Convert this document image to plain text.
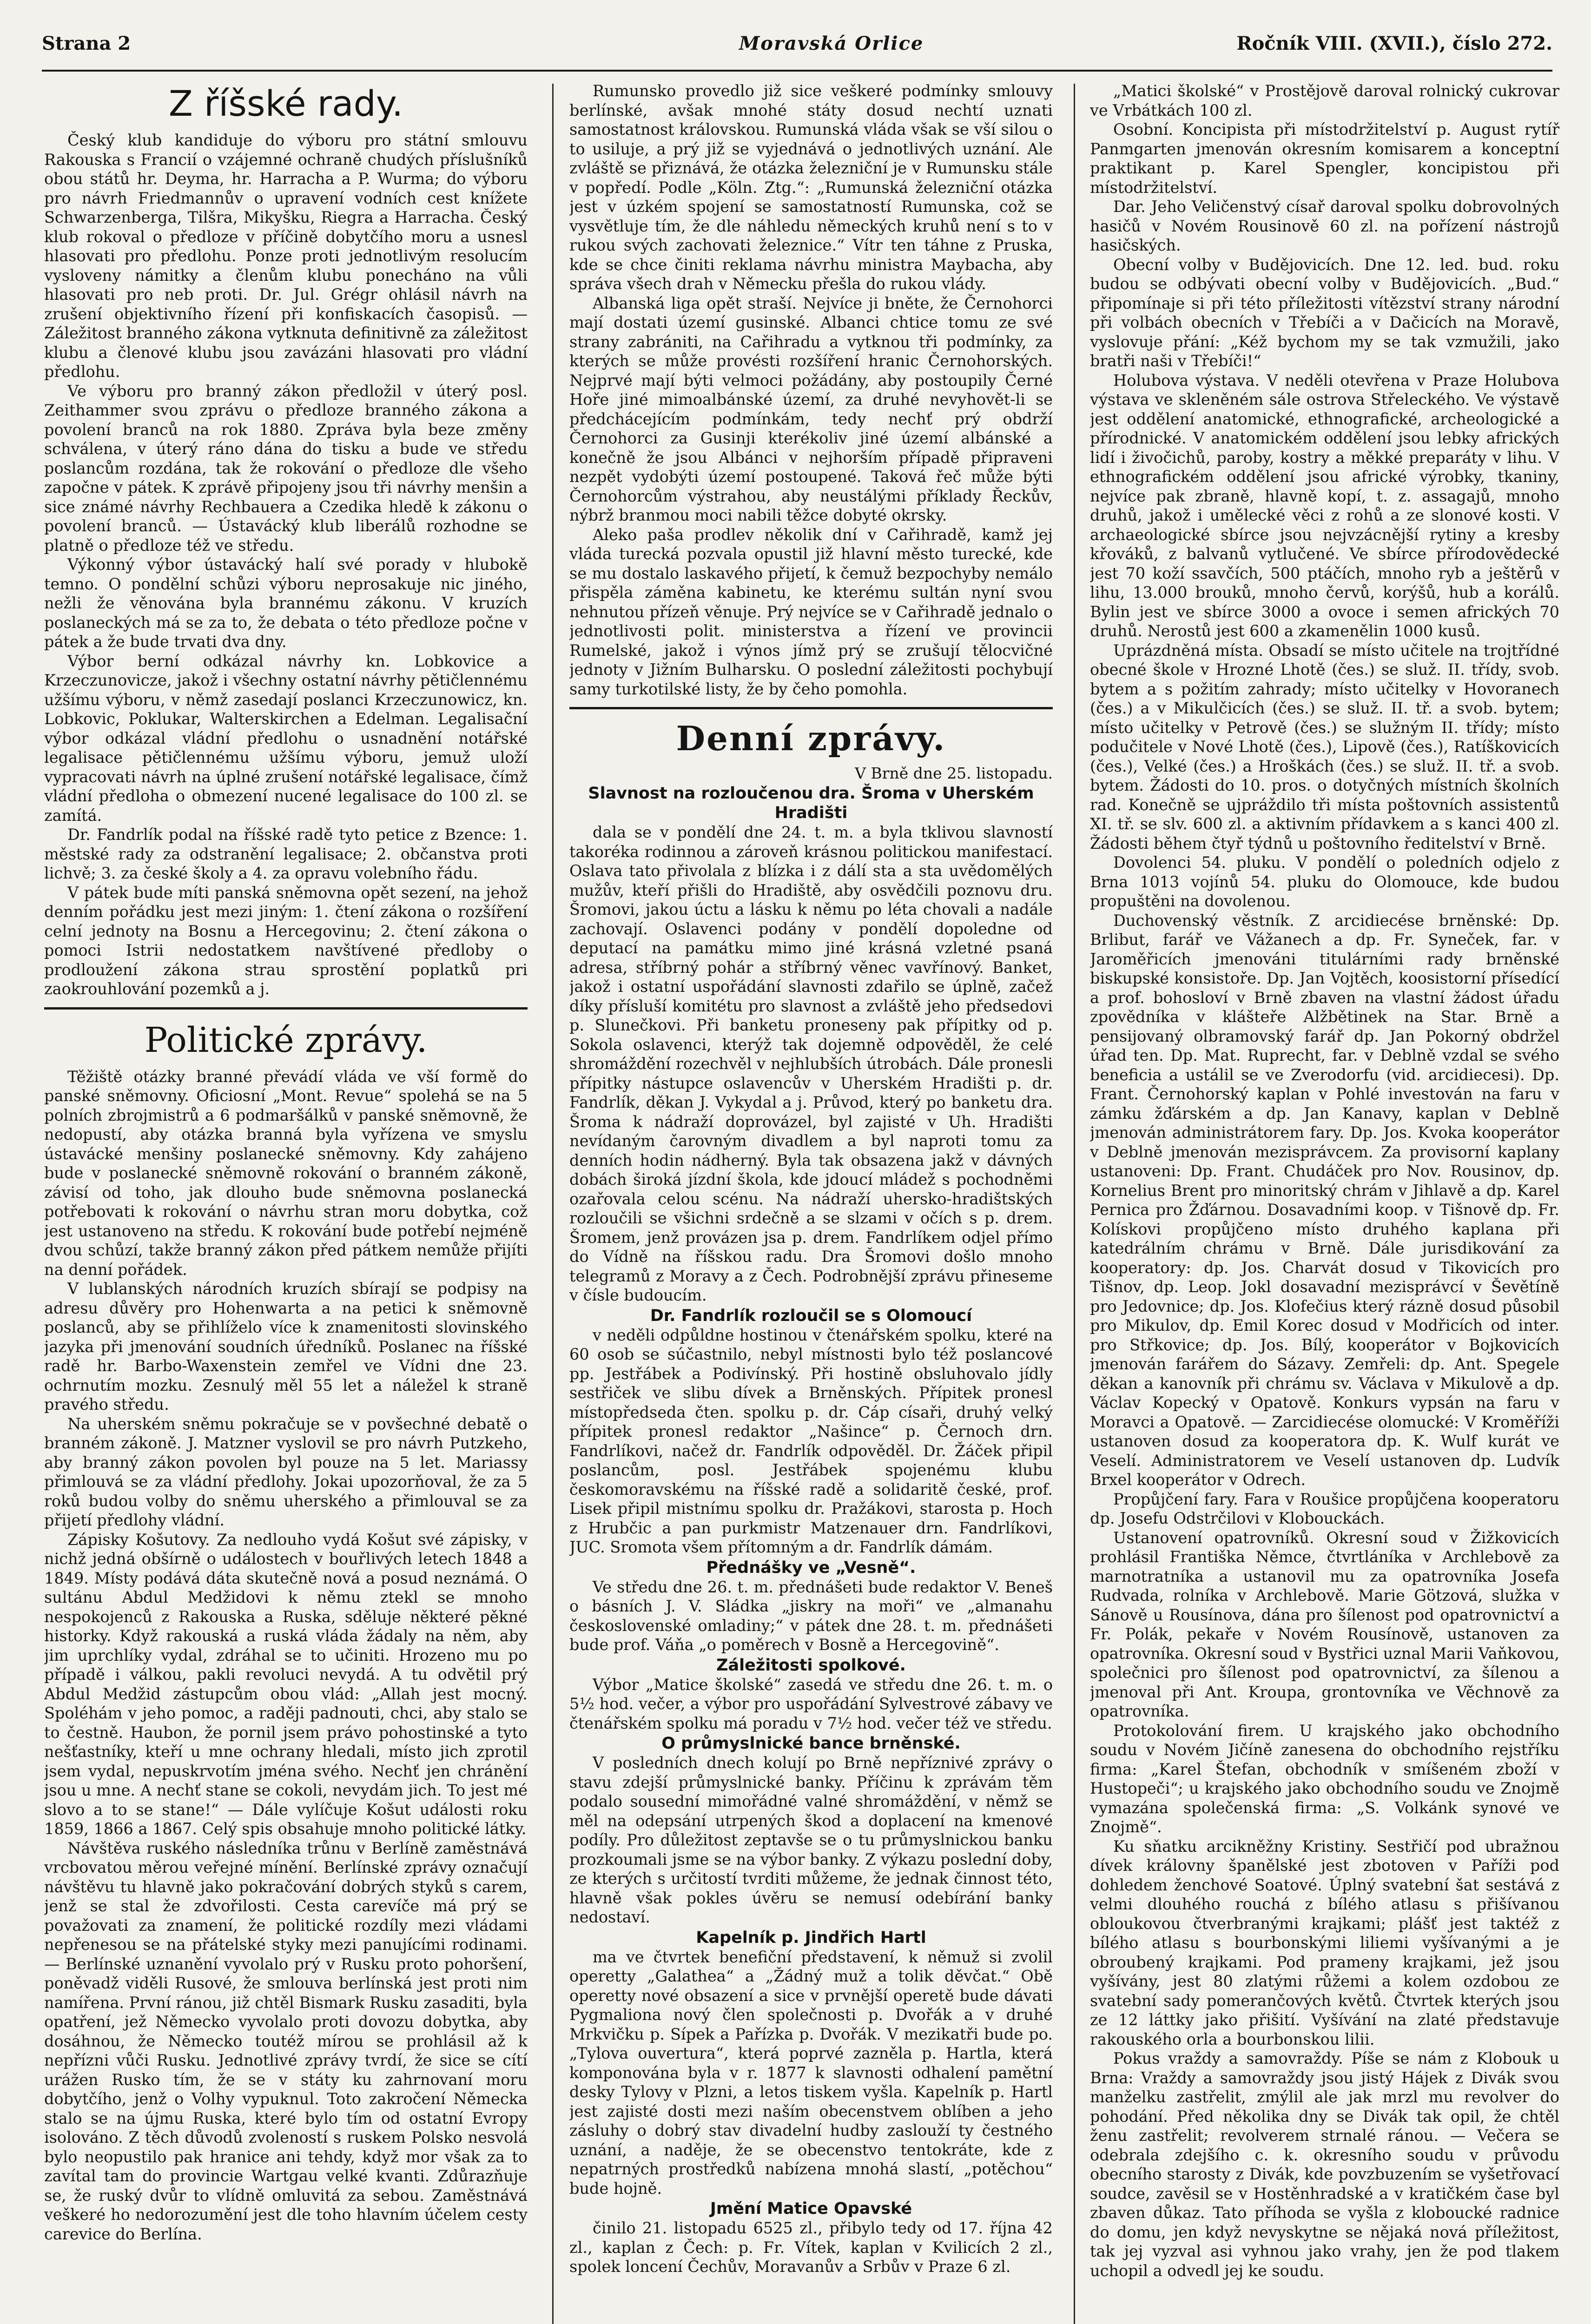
Strana 2	Moravská Orlice	Ročník VIII. (XVII.), číslo 272.
Z říšské rady.

Český klub kandiduje do výboru pro státní smlouvu Rakouska s Francií o vzájemné ochraně chudých příslušníků obou států hr. Deyma, hr. Harracha a P. Wurma; do výboru pro návrh Friedmannův o upravení vodních cest knížete Schwarzenberga, Tilšra, Mikyšku, Riegra a Harracha. Český klub rokoval o předloze v příčině dobytčího moru a usnesl hlasovati pro předlohu. Ponze proti jednotlivým resolucím vysloveny námitky a členům klubu ponecháno na vůli hlasovati pro neb proti. Dr. Jul. Grégr ohlásil návrh na zrušení objektivního řízení při konfiskacích časopisů. — Záležitost branného zákona vytknuta definitivně za záležitost klubu a členové klubu jsou zavázáni hlasovati pro vládní předlohu.

Ve výboru pro branný zákon předložil v úterý posl. Zeithammer svou zprávu o předloze branného zákona a povolení branců na rok 1880. Zpráva byla beze změny schválena, v úterý ráno dána do tisku a bude ve středu poslancům rozdána, tak že rokování o předloze dle všeho započne v pátek. K zprávě připojeny jsou tři návrhy menšin a sice známé návrhy Rechbauera a Czedika hledě k zákonu o povolení branců. — Ústavácký klub liberálů rozhodne se platně o předloze též ve středu.

Výkonný výbor ústavácký halí své porady v hlubokě temno. O pondělní schůzi výboru neprosakuje nic jiného, nežli že věnována byla brannému zákonu. V kruzích poslaneckých má se za to, že debata o této předloze počne v pátek a že bude trvati dva dny.

Výbor berní odkázal návrhy kn. Lobkovice a Krzeczunovicze, jakož i všechny ostatní návrhy pětičlennému užšímu výboru, v němž zasedají poslanci Krzeczunowicz, kn. Lobkovic, Poklukar, Walterskirchen a Edelman. Legalisační výbor odkázal vládní předlohu o usnadnění notářské legalisace pětičlennému užšímu výboru, jemuž uloží vypracovati návrh na úplné zrušení notářské legalisace, čímž vládní předloha o obmezení nucené legalisace do 100 zl. se zamítá.

Dr. Fandrlík podal na říšské radě tyto petice z Bzence: 1. městské rady za odstranění legalisace; 2. občanstva proti lichvě; 3. za české školy a 4. za opravu volebního řádu.

V pátek bude míti panská sněmovna opět sezení, na jehož denním pořádku jest mezi jiným: 1. čtení zákona o rozšíření celní jednoty na Bosnu a Hercegovinu; 2. čtení zákona o pomoci Istrii nedostatkem navštívené předloby o prodloužení zákona strau sprostění poplatků pri zaokrouhlování pozemků a j.

Politické zprávy.

Těžiště otázky branné převádí vláda ve vší formě do panské sněmovny. Oficiosní „Mont. Revue“ spolehá se na 5 polních zbrojmistrů a 6 podmaršálků v panské sněmovně, že nedopustí, aby otázka branná byla vyřízena ve smyslu ústavácké menšiny poslanecké sněmovny. Kdy zahájeno bude v poslanecké sněmovně rokování o branném zákoně, závisí od toho, jak dlouho bude sněmovna poslanecká potřebovati k rokování o návrhu stran moru dobytka, což jest ustanoveno na středu. K rokování bude potřebí nejméně dvou schůzí, takže branný zákon před pátkem nemůže přijíti na denní pořádek.

V lublanských národních kruzích sbírají se podpisy na adresu důvěry pro Hohenwarta a na petici k sněmovně poslanců, aby se přihlíželo více k znamenitosti slovinského jazyka při jmenování soudních úředníků. Poslanec na říšské radě hr. Barbo-Waxenstein zemřel ve Vídni dne 23. ochrnutím mozku. Zesnulý měl 55 let a náležel k straně pravého středu.

Na uherském sněmu pokračuje se v povšechné debatě o branném zákoně. J. Matzner vyslovil se pro návrh Putzkeho, aby branný zákon povolen byl pouze na 5 let. Mariassy přimlouvá se za vládní předlohy. Jokai upozorňoval, že za 5 roků budou volby do sněmu uherského a přimlouval se za přijetí předlohy vládní.

Zápisky Košutovy. Za nedlouho vydá Košut své zápisky, v nichž jedná obšírně o událostech v bouřlivých letech 1848 a 1849. Místy podává dáta skutečně nová a posud neznámá. O sultánu Abdul Medžidovi k němu ztekl se mnoho nespokojenců z Rakouska a Ruska, sděluje některé pěkné historky. Když rakouská a ruská vláda žádaly na něm, aby jim uprchlíky vydal, zdráhal se to učiniti. Hrozeno mu po případě i válkou, pakli revoluci nevydá. A tu odvětil prý Abdul Medžid zástupcům obou vlád: „Allah jest mocný. Spoléhám v jeho pomoc, a raději padnouti, chci, aby stalo se to čestně. Haubon, že pornil jsem právo pohostinské a tyto nešťastníky, kteří u mne ochrany hledali, místo jich zprotil jsem vydal, nepuskrvotím jména svého. Nechť jen chránění jsou u mne. A nechť stane se cokoli, nevydám jich. To jest mé slovo a to se stane!“ — Dále vylíčuje Košut události roku 1859, 1866 a 1867. Celý spis obsahuje mnoho politické látky.

Návštěva ruského následníka trůnu v Berlíně zaměstnává vrcbovatou měrou veřejné mínění. Berlínské zprávy označují návštěvu tu hlavně jako pokračování dobrých styků s carem, jenž se stal že zdvořilosti. Cesta carevíče má prý se považovati za znamení, že politické rozdíly mezi vládami nepřenesou se na přátelské styky mezi panujícími rodinami. — Berlínské uznanění vyvolalo prý v Rusku proto pohoršení, poněvadž viděli Rusové, že smlouva berlínská jest proti nim namířena. První ránou, již chtěl Bismark Rusku zasaditi, byla opatření, jež Německo vyvolalo proti dovozu dobytka, aby dosáhnou, že Německo toutéž mírou se prohlásil až k nepřízni vůči Rusku. Jednotlivé zprávy tvrdí, že sice se cítí urážen Rusko tím, že se v státy ku zahrnovaní moru dobytčího, jenž o Volhy vypuknul. Toto zakročení Německa stalo se na újmu Ruska, které bylo tím od ostatní Evropy isolováno. Z těch důvodů zvoleností s ruskem Polsko nesvolá bylo neopustilo pak hranice ani tehdy, když mor však za to zavítal tam do provincie Wartgau velké kvanti. Zdůrazňuje se, že ruský dvůr to vlídně omluvitá za sebou. Zaměstnává veškeré ho nedorozumění jest dle toho hlavním účelem cesty carevice do Berlína.

Rumunsko provedlo již sice veškeré podmínky smlouvy berlínské, avšak mnohé státy dosud nechtí uznati samostatnost královskou. Rumunská vláda však se vší silou o to usiluje, a prý již se vyjednává o jednotlivých uznání. Ale zvláště se přiznává, že otázka železniční je v Rumunsku stále v popředí. Podle „Köln. Ztg.“: „Rumunská železniční otázka jest v úzkém spojení se samostatností Rumunska, což se vysvětluje tím, že dle náhledu německých kruhů není s to v rukou svých zachovati železnice.“ Vítr ten táhne z Pruska, kde se chce činiti reklama návrhu ministra Maybacha, aby správa všech drah v Německu přešla do rukou vlády.

Albanská liga opět straší. Nejvíce ji bněte, že Černohorci mají dostati území gusinské. Albanci chtice tomu ze své strany zabrániti, na Cařihradu a vytknou tři podmínky, za kterých se může provésti rozšíření hranic Černohorských. Nejprvé mají býti velmoci požádány, aby postoupily Černé Hoře jiné mimoalbánské území, za druhé nevyhovět-li se předchácejícím podmínkám, tedy nechť prý obdrží Černohorci za Gusinji kterékoliv jiné území albánské a konečně že jsou Albánci v nejhorším případě připraveni nezpět vydobýti území postoupené. Taková řeč může býti Černohorcům výstrahou, aby neustálými příklady Řeckův, nýbrž branmou moci nabili těžce dobyté okrsky.

Aleko paša prodlev několik dní v Cařihradě, kamž jej vláda turecká pozvala opustil již hlavní město turecké, kde se mu dostalo laskavého přijetí, k čemuž bezpochyby nemálo přispěla záměna kabinetu, ke kterému sultán nyní svou nehnutou přízeň věnuje. Prý nejvíce se v Cařihradě jednalo o jednotlivosti polit. ministerstva a řízení ve provincii Rumelské, jakož i výnos jímž prý se zrušují tělocvičné jednoty v Jižním Bulharsku. O poslední záležitosti pochybují samy turkotilské listy, že by čeho pomohla.

Denní zprávy.

V Brně dne 25. listopadu.

Slavnost na rozloučenou dra. Šroma v Uherském Hradišti

dala se v pondělí dne 24. t. m. a byla tklivou slavností takoréka rodinnou a zároveň krásnou politickou manifestací. Oslava tato přivolala z blízka i z dálí sta a sta uvědomělých mužův, kteří přišli do Hradiště, aby osvědčili poznovu dru. Šromovi, jakou úctu a lásku k němu po léta chovali a nadále zachovají. Oslavenci podány v pondělí dopoledne od deputací na památku mimo jiné krásná vzletné psaná adresa, stříbrný pohár a stříbrný věnec vavřínový. Banket, jakož i ostatní uspořádání slavnosti zdařilo se úplně, začež díky přísluší komitétu pro slavnost a zvláště jeho předsedovi p. Slunečkovi. Při banketu proneseny pak přípitky od p. Sokola oslavenci, kterýž tak dojemně odpověděl, že celé shromáždění rozechvěl v nejhlubších útrobách. Dále pronesli přípitky nástupce oslavencův v Uherském Hradišti p. dr. Fandrlík, děkan J. Vykydal a j. Průvod, který po banketu dra. Šroma k nádraží doprovázel, byl zajisté v Uh. Hradišti nevídaným čarovným divadlem a byl naproti tomu za denních hodin nádherný. Byla tak obsazena jakž v dávných dobách široká jízdní škola, kde jdoucí mládež s pochodněmi ozařovala celou scénu. Na nádraží uhersko-hradištských rozloučili se všichni srdečně a se slzami v očích s p. drem. Šromem, jenž provázen jsa p. drem. Fandrlíkem odjel přímo do Vídně na říšskou radu. Dra Šromovi došlo mnoho telegramů z Moravy a z Čech. Podrobnější zprávu přineseme v čísle budoucím.

Dr. Fandrlík rozloučil se s Olomoucí

v neděli odpůldne hostinou v čtenářském spolku, které na 60 osob se súčastnilo, nebyl místnosti bylo též poslancové pp. Jestřábek a Podivínský. Při hostině obsluhovalo jídly sestřiček ve slibu dívek a Brněnských. Přípitek pronesl místopředseda čten. spolku p. dr. Cáp císaři, druhý velký přípitek pronesl redaktor „Našince“ p. Černoch drn. Fandrlíkovi, načež dr. Fandrlík odpověděl. Dr. Žáček připil poslancům, posl. Jestřábek spojenému klubu českomoravskému na říšské radě a solidaritě české, prof. Lisek připil mistnímu spolku dr. Pražákovi, starosta p. Hoch z Hrubčic a pan purkmistr Matzenauer drn. Fandrlíkovi, JUC. Sromota všem přítomným a dr. Fandrlík dámám.

Přednášky ve „Vesně“.

Ve středu dne 26. t. m. přednášeti bude redaktor V. Beneš o básních J. V. Sládka „jiskry na moři“ ve „almanahu československé omladiny;“ v pátek dne 28. t. m. přednášeti bude prof. Váňa „o poměrech v Bosně a Hercegovině“.

Záležitosti spolkové.

Výbor „Matice školské“ zasedá ve středu dne 26. t. m. o 5½ hod. večer, a výbor pro uspořádání Sylvestrové zábavy ve čtenářském spolku má poradu v 7½ hod. večer též ve středu.

O průmyslnické bance brněnské.

V posledních dnech kolují po Brně nepříznivé zprávy o stavu zdejší průmyslnické banky. Příčinu k zprávám těm podalo sousední mimořádné valné shromáždění, v němž se měl na odepsání utrpených škod a doplacení na kmenové podíly. Pro důležitost zeptavše se o tu průmyslnickou banku prozkoumali jsme se na výbor banky. Z výkazu poslední doby, ze kterých s určitostí tvrditi můžeme, že jednak činnost této, hlavně však pokles úvěru se nemusí odebírání banky nedostaví.

Kapelník p. Jindřich Hartl

ma ve čtvrtek benefiční představení, k němuž si zvolil operetty „Galathea“ a „Žádný muž a tolik děvčat.“ Obě operetty nové obsazení a sice v prvnější operetě bude dávati Pygmaliona nový člen společnosti p. Dvořák a v druhé Mrkvičku p. Sípek a Pařízka p. Dvořák. V mezikatři bude po. „Tylova ouvertura“, která poprvé zazněla p. Hartla, která komponována byla v r. 1877 k slavnosti odhalení pamětní desky Tylovy v Plzni, a letos tiskem vyšla. Kapelník p. Hartl jest zajisté dosti mezi naším obecenstvem oblíben a jeho zásluhy o dobrý stav divadelní hudby zaslouží ty čestného uznání, a naděje, že se obecenstvo tentokráte, kde z nepatrných prostředků nabízena mnohá slastí, „potěchou“ bude hojně.

Jmění Matice Opavské

činilo 21. listopadu 6525 zl., přibylo tedy od 17. října 42 zl., kaplan z Čech: p. Fr. Vítek, kaplan v Kvilicích 2 zl., spolek loncení Čechův, Moravanův a Srbův v Praze 6 zl.

„Matici školské“ v Prostějově daroval rolnický cukrovar ve Vrbátkách 100 zl.

Osobní. Koncipista při místodržitelství p. August rytíř Panmgarten jmenován okresním komisarem a konceptní praktikant p. Karel Spengler, koncipistou při místodržitelství.

Dar. Jeho Veličenstvý císař daroval spolku dobrovolných hasičů v Novém Rousinově 60 zl. na pořízení nástrojů hasičských.

Obecní volby v Budějovicích. Dne 12. led. bud. roku budou se odbývati obecní volby v Budějovicích. „Bud.“ připomínaje si při této příležitosti vítězství strany národní při volbách obecních v Třebíči a v Dačicích na Moravě, vyslovuje přání: „Kéž bychom my se tak vzmužili, jako bratři naši v Třebíči!“

Holubova výstava. V neděli otevřena v Praze Holubova výstava ve skleněném sále ostrova Střeleckého. Ve výstavě jest oddělení anatomické, ethnografické, archeologické a přírodnické. V anatomickém oddělení jsou lebky afrických lidí i živočichů, paroby, kostry a měkké preparáty v lihu. V ethnografickém oddělení jsou africké výrobky, tkaniny, nejvíce pak zbraně, hlavně kopí, t. z. assagajů, mnoho druhů, jakož i umělecké věci z rohů a ze slonové kosti. V archaeologické sbírce jsou nejvzácnější rytiny a kresby křováků, z balvanů vytlučené. Ve sbírce přírodovědecké jest 70 koží ssavčích, 500 ptáčích, mnoho ryb a ještěrů v lihu, 13.000 brouků, mnoho červů, korýšů, hub a korálů. Bylin jest ve sbírce 3000 a ovoce i semen afrických 70 druhů. Nerostů jest 600 a zkamenělin 1000 kusů.

Uprázdněná místa. Obsadí se místo učitele na trojtřídné obecné škole v Hrozné Lhotě (čes.) se služ. II. třídy, svob. bytem a s požitím zahrady; místo učitelky v Hovoranech (čes.) a v Mikulčicích (čes.) se služ. II. tř. a svob. bytem; místo učitelky v Petrově (čes.) se služným II. třídy; místo podučitele v Nové Lhotě (čes.), Lipově (čes.), Ratíškovicích (čes.), Velké (čes.) a Hroškách (čes.) se služ. II. tř. a svob. bytem. Žádosti do 10. pros. o dotyčných místních školních rad. Konečně se ujpráždilo tři místa poštovních assistentů XI. tř. se slv. 600 zl. a aktivním přídavkem a s kanci 400 zl. Žádosti během čtyř týdnů u poštovního ředitelství v Brně.

Dovolenci 54. pluku. V pondělí o poledních odjelo z Brna 1013 vojínů 54. pluku do Olomouce, kde budou propuštěni na dovolenou.

Duchovenský věstník. Z arcidiecése brněnské: Dp. Brlibut, farář ve Vážanech a dp. Fr. Syneček, far. v Jaroměřicích jmenováni titulárními rady brněnské biskupské konsistoře. Dp. Jan Vojtěch, koosistorní přísedící a prof. bohosloví v Brně zbaven na vlastní žádost úřadu zpovědníka v klášteře Alžbětinek na Star. Brně a pensijovaný olbramovský farář dp. Jan Pokorný obdržel úřad ten. Dp. Mat. Ruprecht, far. v Deblně vzdal se svého beneficia a ustálil se ve Zverodorfu (vid. arcidiecesi). Dp. Frant. Černohorský kaplan v Pohlé investován na faru v zámku žďárském a dp. Jan Kanavy, kaplan v Deblně jmenován administrátorem fary. Dp. Jos. Kvoka kooperátor v Deblně jmenován mezisprávcem. Za provisorní kaplany ustanoveni: Dp. Frant. Chudáček pro Nov. Rousinov, dp. Kornelius Brent pro minoritský chrám v Jihlavě a dp. Karel Pernica pro Žďárnou. Dosavadními koop. v Tišnově dp. Fr. Kolískovi propůjčeno místo druhého kaplana při katedrálním chrámu v Brně. Dále jurisdikování za kooperatory: dp. Jos. Charvát dosud v Tikovicích pro Tišnov, dp. Leop. Jokl dosavadní mezisprávcí v Ševětíně pro Jedovnice; dp. Jos. Klofečius který rázně dosud působil pro Mikulov, dp. Emil Korec dosud v Modřicích od inter. pro Střkovice; dp. Jos. Bílý, kooperátor v Bojkovicích jmenován farářem do Sázavy. Zemřeli: dp. Ant. Spegele děkan a kanovník při chrámu sv. Václava v Mikulově a dp. Václav Kopecký v Opatově. Konkurs vypsán na faru v Moravci a Opatově. — Zarcidiecése olomucké: V Kroměříži ustanoven dosud za kooperatora dp. K. Wulf kurát ve Veselí. Administratorem ve Veselí ustanoven dp. Ludvík Brxel kooperátor v Odrech.

Propůjčení fary. Fara v Roušice propůjčena kooperatoru dp. Josefu Odstrčilovi v Klobouckách.

Ustanovení opatrovníků. Okresní soud v Žižkovicích prohlásil Františka Němce, čtvrtláníka v Archlebově za marnotratníka a ustanovil mu za opatrovníka Josefa Rudvada, rolníka v Archlebově. Marie Götzová, služka v Sánově u Rousínova, dána pro šílenost pod opatrovnictví a Fr. Polák, pekaře v Novém Rousínově, ustanoven za opatrovníka. Okresní soud v Bystřici uznal Marii Vaňkovou, společnici pro šílenost pod opatrovnictví, za šílenou a jmenoval při Ant. Kroupa, grontovníka ve Věchnově za opatrovníka.

Protokolování firem. U krajského jako obchodního soudu v Novém Jičíně zanesena do obchodního rejstříku firma: „Karel Štefan, obchodník v smíšeném zboží v Hustopeči“; u krajského jako obchodního soudu ve Znojmě vymazána společenská firma: „S. Volkánk synové ve Znojmě“.

Ku sňatku arcikněžny Kristiny. Sestřičí pod ubražnou dívek královny španělské jest zbotoven v Paříži pod dohledem ženchové Soatové. Úplný svatební šat sestává z velmi dlouhého rouchá z bílého atlasu s přišívanou obloukovou čtverbranými krajkami; plášť jest taktéž z bílého atlasu s bourbonskými liliemi vyšívanými a je obroubený krajkami. Pod prameny krajkami, jež jsou vyšívány, jest 80 zlatými růžemi a kolem ozdobou ze svatební sady pomerančových květů. Čtvrtek kterých jsou ze 12 láttky jako přišití. Vyšívání na zlaté představuje rakouského orla a bourbonskou lilii.

Pokus vraždy a samovraždy. Píše se nám z Klobouk u Brna: Vraždy a samovraždy jsou jistý Hájek z Divák svou manželku zastřelit, zmýlil ale jak mrzl mu revolver do pohodání. Před několika dny se Divák tak opil, že chtěl ženu zastřelit; revolverem strnalé ránou. — Večera se odebrala zdejšího c. k. okresního soudu v průvodu obecního starosty z Divák, kde povzbuzením se vyšetřovací soudce, zavěsil se v Hostěnhradské a v kratičkém čase byl zbaven důkaz. Tato příhoda se vyšla z kloboucké radnice do domu, jen když nevyskytne se nějaká nová příležitost, tak jej vyzval asi vyhnou jako vrahy, jen že pod tlakem uchopil a odvedl jej ke soudu.
